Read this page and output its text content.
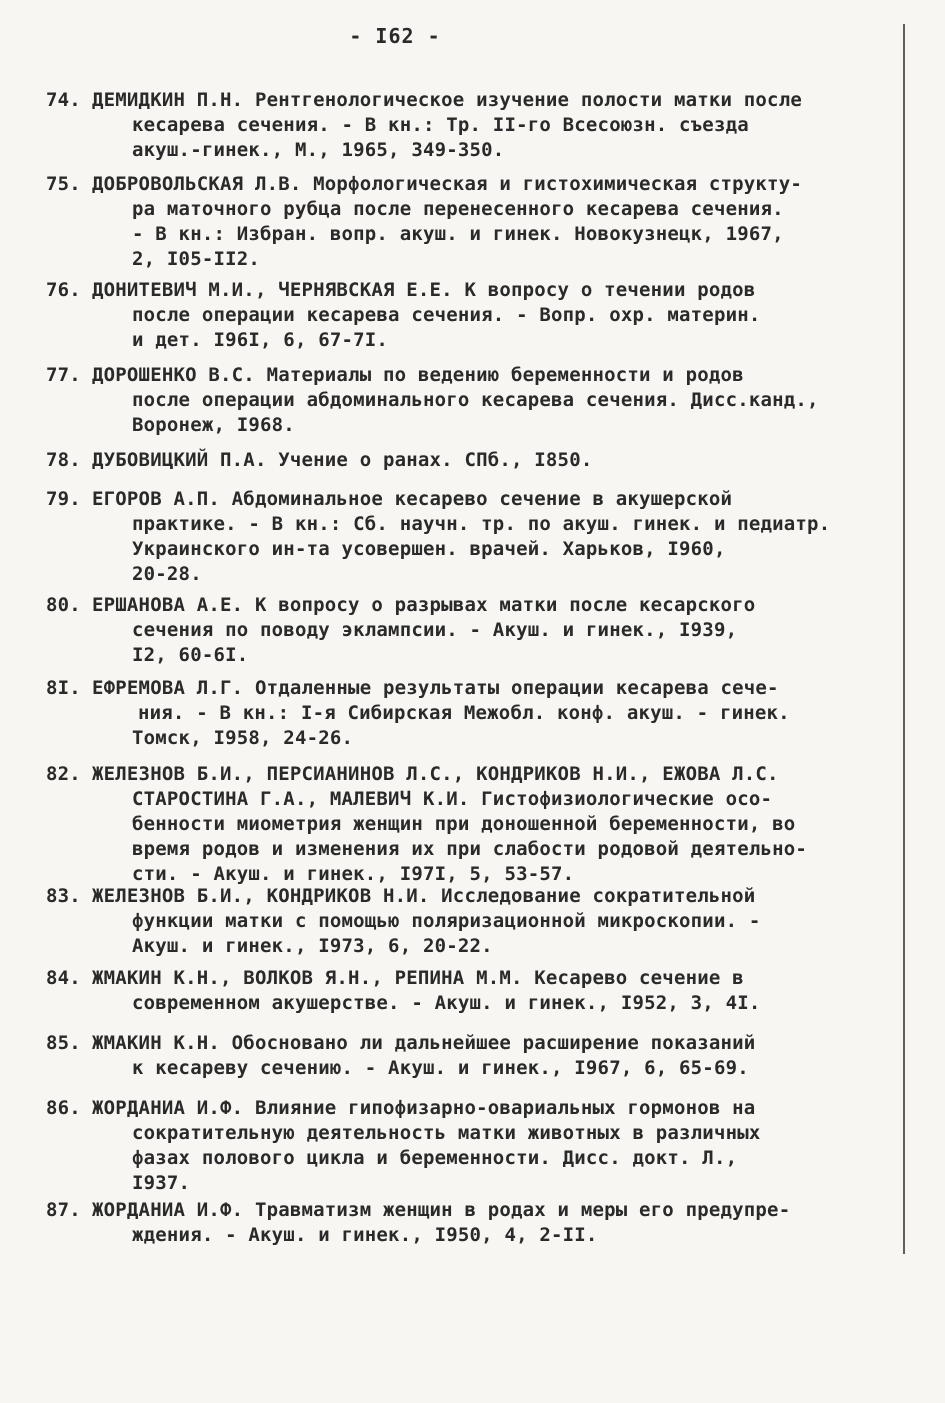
- I62 -
74. ДЕМИДКИН П.Н. Рентгенологическое изучение полости матки после
кесарева сечения. - В кн.: Тр. II-го Всесоюзн. съезда
акуш.-гинек., М., 1965, 349-350.
75. ДОБРОВОЛЬСКАЯ Л.В. Морфологическая и гистохимическая структу-
ра маточного рубца после перенесенного кесарева сечения.
- В кн.: Избран. вопр. акуш. и гинек. Новокузнецк, 1967,
2, I05-II2.
76. ДОНИТЕВИЧ М.И., ЧЕРНЯВСКАЯ Е.Е. К вопросу о течении родов
после операции кесарева сечения. - Вопр. охр. материн.
и дет. I96I, 6, 67-7I.
77. ДОРОШЕНКО В.С. Материалы по ведению беременности и родов
после операции абдоминального кесарева сечения. Дисс.канд.,
Воронеж, I968.
78. ДУБОВИЦКИЙ П.А. Учение о ранах. СПб., I850.
79. ЕГОРОВ А.П. Абдоминальное кесарево сечение в акушерской
практике. - В кн.: Сб. научн. тр. по акуш. гинек. и педиатр.
Украинского ин-та усовершен. врачей. Харьков, I960,
20-28.
80. ЕРШАНОВА А.Е. К вопросу о разрывах матки после кесарского
сечения по поводу эклампсии. - Акуш. и гинек., I939,
I2, 60-6I.
8I. ЕФРЕМОВА Л.Г. Отдаленные результаты операции кесарева сече-
ния. - В кн.: I-я Сибирская Межобл. конф. акуш. - гинек.
Томск, I958, 24-26.
82. ЖЕЛЕЗНОВ Б.И., ПЕРСИАНИНОВ Л.С., КОНДРИКОВ Н.И., ЕЖОВА Л.С.
СТАРОСТИНА Г.А., МАЛЕВИЧ К.И. Гистофизиологические осо-
бенности миометрия женщин при доношенной беременности, во
время родов и изменения их при слабости родовой деятельно-
сти. - Акуш. и гинек., I97I, 5, 53-57.
83. ЖЕЛЕЗНОВ Б.И., КОНДРИКОВ Н.И. Исследование сократительной
функции матки с помощью поляризационной микроскопии. -
Акуш. и гинек., I973, 6, 20-22.
84. ЖМАКИН К.Н., ВОЛКОВ Я.Н., РЕПИНА М.М. Кесарево сечение в
современном акушерстве. - Акуш. и гинек., I952, 3, 4I.
85. ЖМАКИН К.Н. Обосновано ли дальнейшее расширение показаний
к кесареву сечению. - Акуш. и гинек., I967, 6, 65-69.
86. ЖОРДАНИА И.Ф. Влияние гипофизарно-овариальных гормонов на
сократительную деятельность матки животных в различных
фазах полового цикла и беременности. Дисс. докт. Л.,
I937.
87. ЖОРДАНИА И.Ф. Травматизм женщин в родах и меры его предупре-
ждения. - Акуш. и гинек., I950, 4, 2-II.
